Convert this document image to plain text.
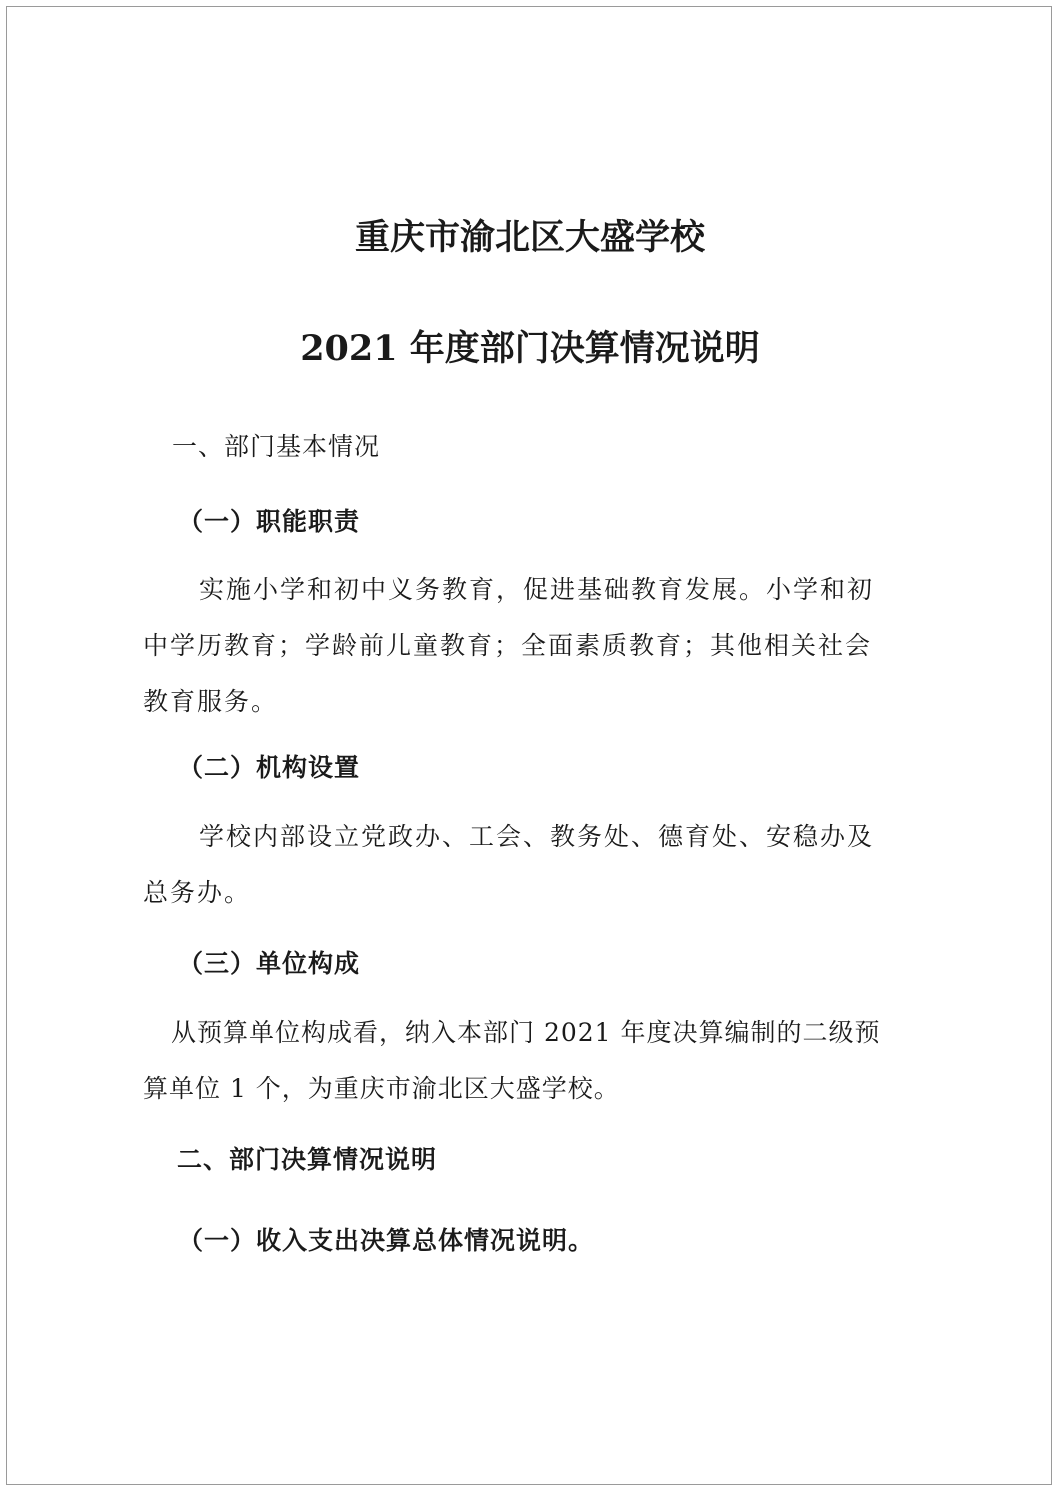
重庆市渝北区大盛学校
2021 年度部门决算情况说明
一、部门基本情况
（一）职能职责
实施小学和初中义务教育，促进基础教育发展。小学和初
中学历教育；学龄前儿童教育；全面素质教育；其他相关社会
教育服务。
（二）机构设置
学校内部设立党政办、工会、教务处、德育处、安稳办及
总务办。
（三）单位构成
从预算单位构成看，纳入本部门 2021 年度决算编制的二级预
算单位 1 个，为重庆市渝北区大盛学校。
二、部门决算情况说明
（一）收入支出决算总体情况说明。
